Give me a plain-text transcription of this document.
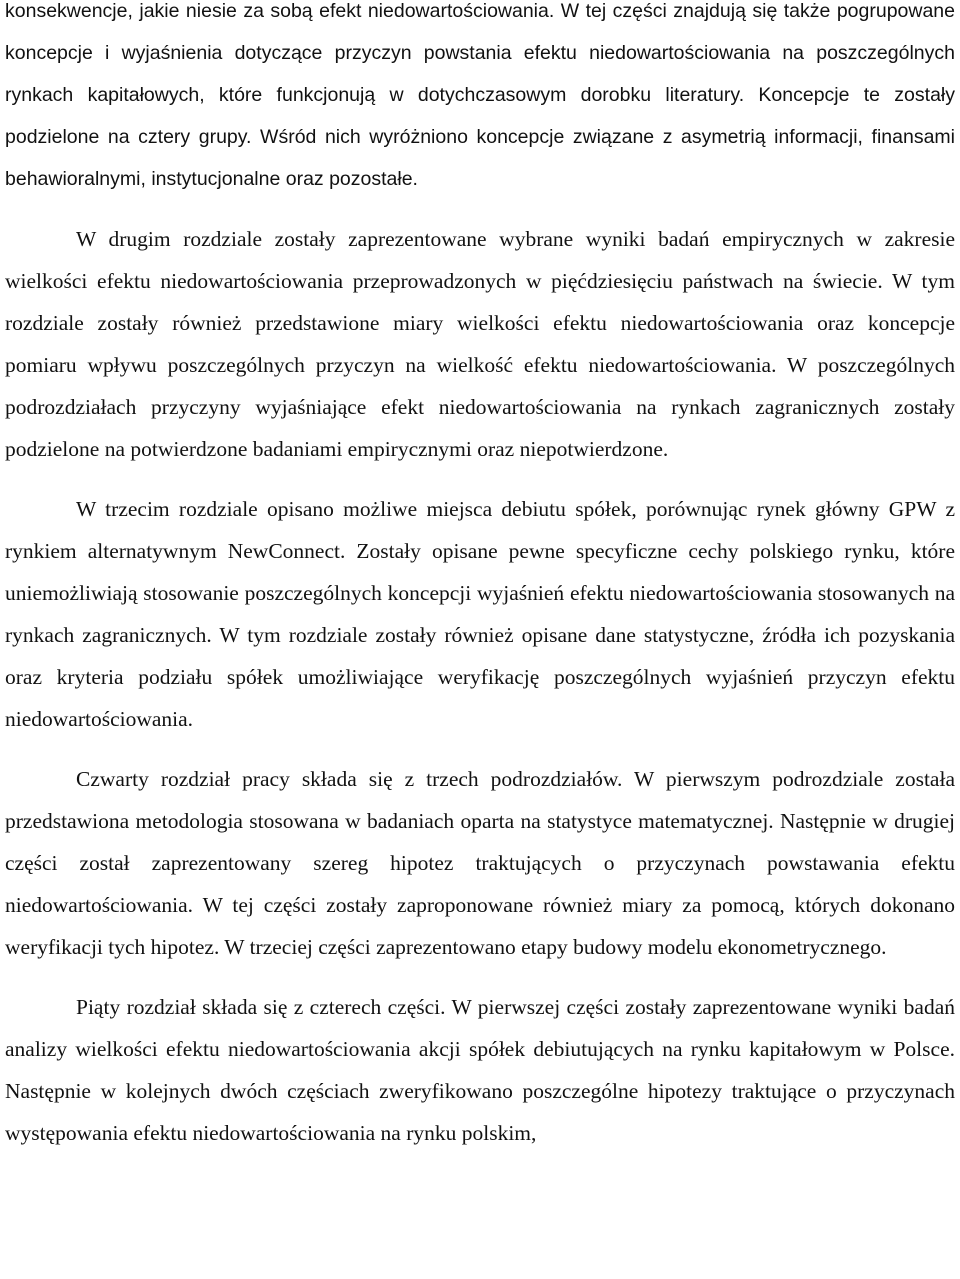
konsekwencje, jakie niesie za sobą efekt niedowartościowania. W tej części znajdują się także pogrupowane koncepcje i wyjaśnienia dotyczące przyczyn powstania efektu niedowartościowania na poszczególnych rynkach kapitałowych, które funkcjonują w dotychczasowym dorobku literatury. Koncepcje te zostały podzielone na cztery grupy. Wśród nich wyróżniono koncepcje związane z asymetrią informacji, finansami behawioralnymi, instytucjonalne oraz pozostałe.

W drugim rozdziale zostały zaprezentowane wybrane wyniki badań empirycznych w zakresie wielkości efektu niedowartościowania przeprowadzonych w pięćdziesięciu państwach na świecie. W tym rozdziale zostały również przedstawione miary wielkości efektu niedowartościowania oraz koncepcje pomiaru wpływu poszczególnych przyczyn na wielkość efektu niedowartościowania. W poszczególnych podrozdziałach przyczyny wyjaśniające efekt niedowartościowania na rynkach zagranicznych zostały podzielone na potwierdzone badaniami empirycznymi oraz niepotwierdzone.

W trzecim rozdziale opisano możliwe miejsca debiutu spółek, porównując rynek główny GPW z rynkiem alternatywnym NewConnect. Zostały opisane pewne specyficzne cechy polskiego rynku, które uniemożliwiają stosowanie poszczególnych koncepcji wyjaśnień efektu niedowartościowania stosowanych na rynkach zagranicznych. W tym rozdziale zostały również opisane dane statystyczne, źródła ich pozyskania oraz kryteria podziału spółek umożliwiające weryfikację poszczególnych wyjaśnień przyczyn efektu niedowartościowania.

Czwarty rozdział pracy składa się z trzech podrozdziałów. W pierwszym podrozdziale została przedstawiona metodologia stosowana w badaniach oparta na statystyce matematycznej. Następnie w drugiej części został zaprezentowany szereg hipotez traktujących o przyczynach powstawania efektu niedowartościowania. W tej części zostały zaproponowane również miary za pomocą, których dokonano weryfikacji tych hipotez. W trzeciej części zaprezentowano etapy budowy modelu ekonometrycznego.

Piąty rozdział składa się z czterech części. W pierwszej części zostały zaprezentowane wyniki badań analizy wielkości efektu niedowartościowania akcji spółek debiutujących na rynku kapitałowym w Polsce. Następnie w kolejnych dwóch częściach zweryfikowano poszczególne hipotezy traktujące o przyczynach występowania efektu niedowartościowania na rynku polskim,
